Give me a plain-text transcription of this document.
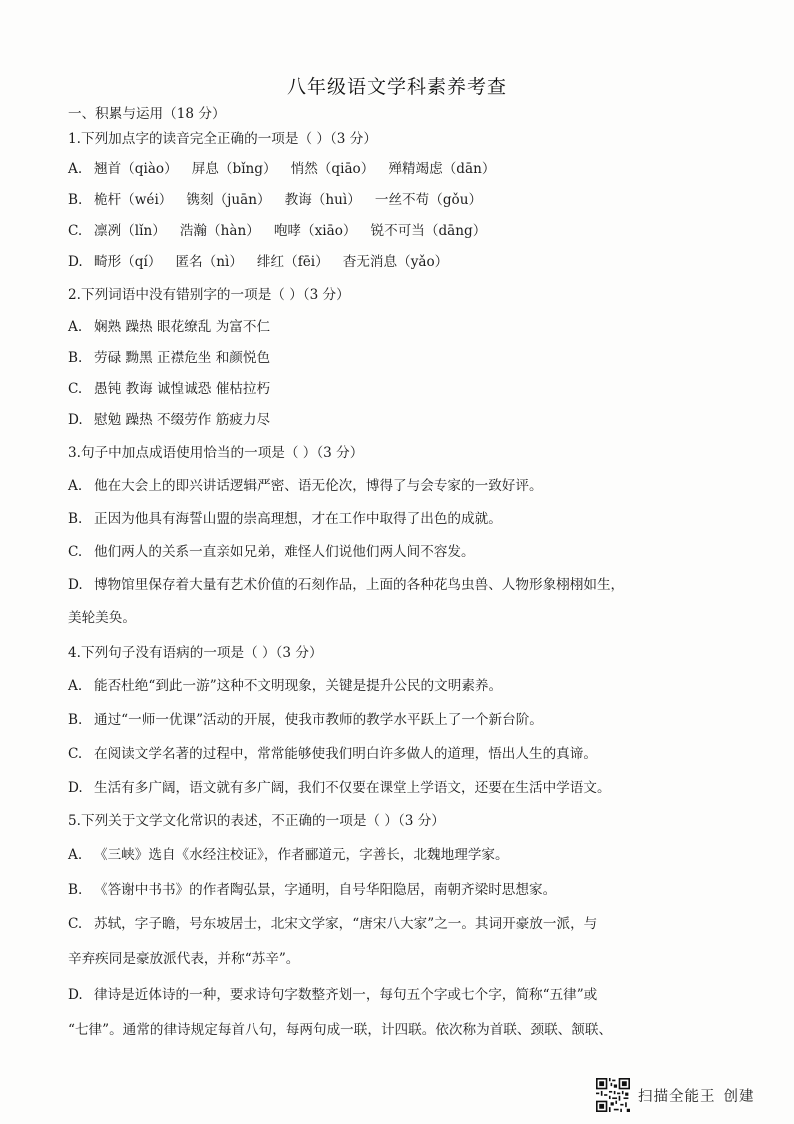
八年级语文学科素养考查
一、积累与运用（18 分）
1.下列加点字的读音完全正确的一项是（ ）（3 分）
A. 翘首（qiào） 屏息（bǐng） 悄然（qiāo） 殚精竭虑（dān）
B. 桅杆（wéi） 镌刻（juān） 教诲（huì） 一丝不苟（gǒu）
C. 凛冽（lǐn） 浩瀚（hàn） 咆哮（xiāo） 锐不可当（dāng）
D. 畸形（qí） 匿名（nì） 绯红（fēi） 杳无消息（yǎo）
2.下列词语中没有错别字的一项是（ ）（3 分）
A. 娴熟 躁热 眼花缭乱 为富不仁
B. 劳碌 黝黑 正襟危坐 和颜悦色
C. 愚钝 教诲 诚惶诚恐 催枯拉朽
D. 慰勉 躁热 不缀劳作 筋疲力尽
3.句子中加点成语使用恰当的一项是（ ）（3 分）
A. 他在大会上的即兴讲话逻辑严密、语无伦次，博得了与会专家的一致好评。
B. 正因为他具有海誓山盟的崇高理想，才在工作中取得了出色的成就。
C. 他们两人的关系一直亲如兄弟，难怪人们说他们两人间不容发。
D. 博物馆里保存着大量有艺术价值的石刻作品，上面的各种花鸟虫兽、人物形象栩栩如生，
美轮美奂。
4.下列句子没有语病的一项是（ ）（3 分）
A. 能否杜绝“到此一游”这种不文明现象，关键是提升公民的文明素养。
B. 通过“一师一优课”活动的开展，使我市教师的教学水平跃上了一个新台阶。
C. 在阅读文学名著的过程中，常常能够使我们明白许多做人的道理，悟出人生的真谛。
D. 生活有多广阔，语文就有多广阔，我们不仅要在课堂上学语文，还要在生活中学语文。
5.下列关于文学文化常识的表述，不正确的一项是（ ）（3 分）
A. 《三峡》选自《水经注校证》，作者郦道元，字善长，北魏地理学家。
B. 《答谢中书书》的作者陶弘景，字通明，自号华阳隐居，南朝齐梁时思想家。
C. 苏轼，字子瞻，号东坡居士，北宋文学家，“唐宋八大家”之一。其词开豪放一派，与
辛弃疾同是豪放派代表，并称“苏辛”。
D. 律诗是近体诗的一种，要求诗句字数整齐划一，每句五个字或七个字，简称“五律”或
“七律”。通常的律诗规定每首八句，每两句成一联，计四联。依次称为首联、颈联、颔联、
扫描全能王 创建
